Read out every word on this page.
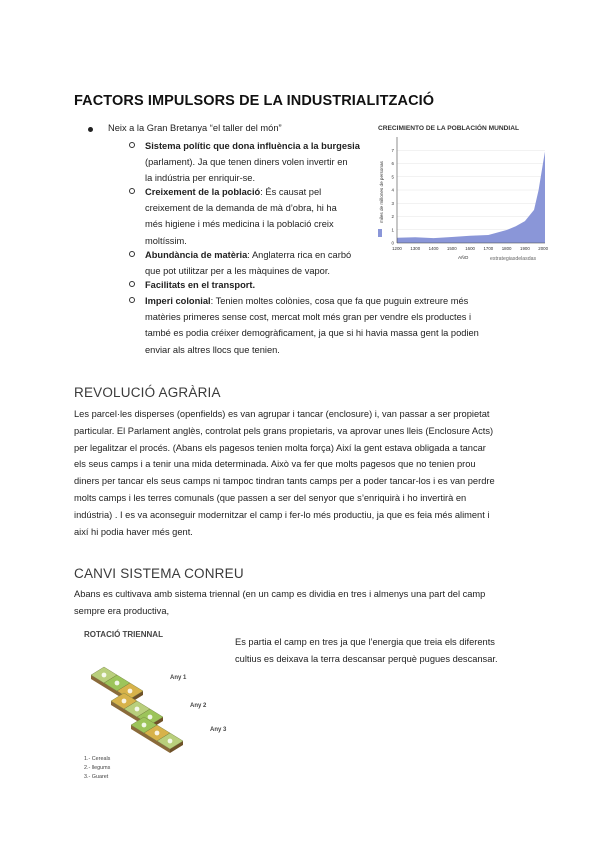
FACTORS IMPULSORS DE LA INDUSTRIALITZACIÓ
Neix a la Gran Bretanya “el taller del món”
Sistema polític que dona influència a la burgesia
(parlament). Ja que tenen diners volen invertir en
la indústria per enriquir-se.
Creixement de la població: És causat pel
creixement de la demanda de mà d’obra, hi ha
més higiene i més medicina i la població creix
moltíssim.
Abundància de matèria: Anglaterra rica en carbó
que pot utilitzar per a les màquines de vapor.
Facilitats en el transport.
Imperi colonial: Tenien moltes colònies, cosa que fa que puguin extreure més
matèries primeres sense cost, mercat molt més gran per vendre els productes i
també es podia créixer demogràficament, ja que si hi havia massa gent la podien
enviar als altres llocs que tenien.
CRECIMIENTO DE LA POBLACIÓN MUNDIAL
miles de millones de personas
1200 1300 1400 1500 1600 1700 1800 1900 2000
0
1
2
3
4
5
6
7
AÑO	estrategiasdelasdas
REVOLUCIÓ AGRÀRIA
Les parcel·les disperses (openfields) es van agrupar i tancar (enclosure) i, van passar a ser propietat
particular. El Parlament anglès, controlat pels grans propietaris, va aprovar unes lleis (Enclosure Acts)
per legalitzar el procés. (Abans els pagesos tenien molta força) Així la gent estava obligada a tancar
els seus camps i a tenir una mida determinada. Això va fer que molts pagesos que no tenien prou
diners per tancar els seus camps ni tampoc tindran tants camps per a poder tancar-los i es van perdre
molts camps i les terres comunals (que passen a ser del senyor que s’enriquirà i ho invertirà en
indústria) . I es va aconseguir modernitzar el camp i fer-lo més productiu, ja que es feia més aliment i
així hi podia haver més gent.
CANVI SISTEMA CONREU
Abans es cultivava amb sistema triennal (en un camp es dividia en tres i almenys una part del camp
sempre era productiva,
Es partia el camp en tres ja que l’energia que treia els diferents
cultius es deixava la terra descansar perquè pugues descansar.
ROTACIÓ TRIENNAL
Any 1
Any 2
Any 3
1.- Cereals
2.- llegums
3.- Guaret
